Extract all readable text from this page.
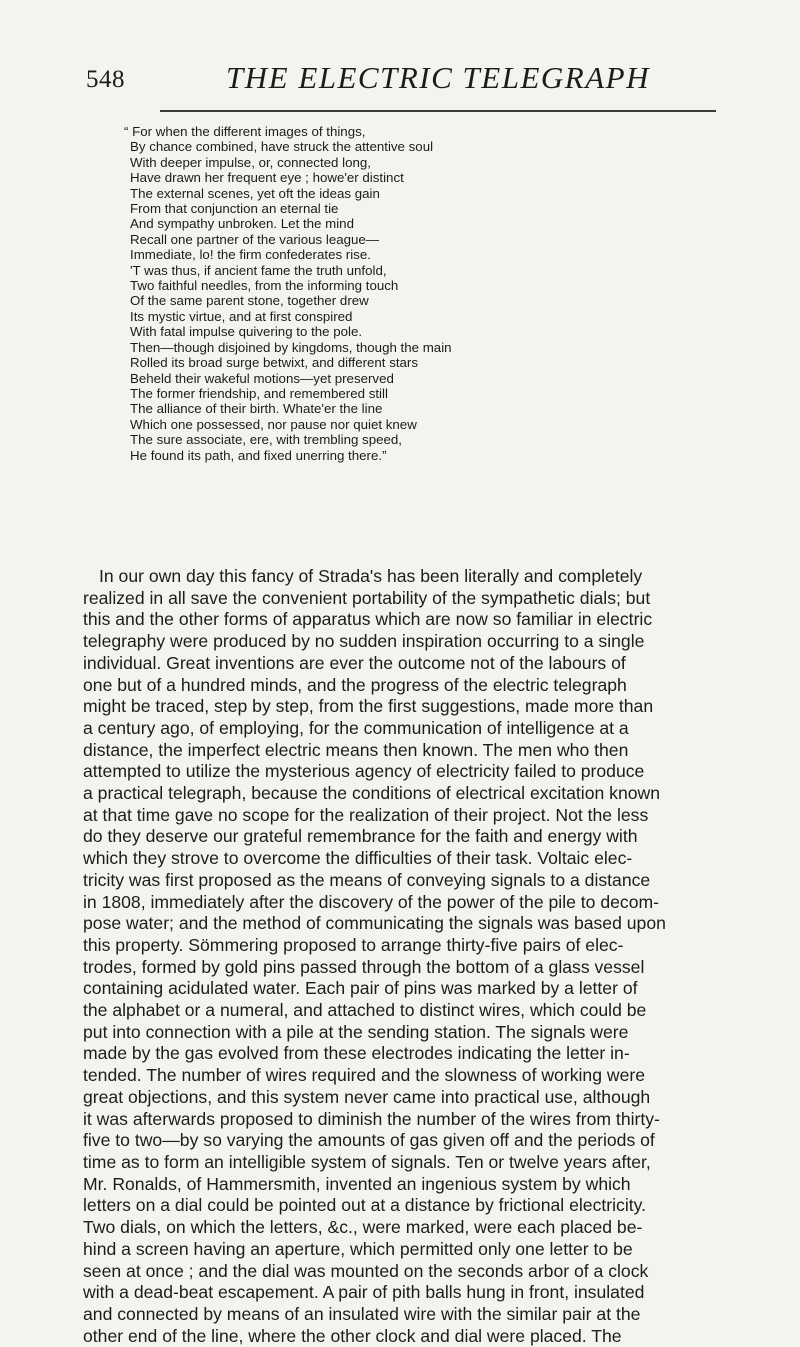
548	THE ELECTRIC TELEGRAPH
“ For when the different images of things,
By chance combined, have struck the attentive soul
With deeper impulse, or, connected long,
Have drawn her frequent eye ; howe'er distinct
The external scenes, yet oft the ideas gain
From that conjunction an eternal tie
And sympathy unbroken. Let the mind
Recall one partner of the various league—
Immediate, lo! the firm confederates rise.
'T was thus, if ancient fame the truth unfold,
Two faithful needles, from the informing touch
Of the same parent stone, together drew
Its mystic virtue, and at first conspired
With fatal impulse quivering to the pole.
Then—though disjoined by kingdoms, though the main
Rolled its broad surge betwixt, and different stars
Beheld their wakeful motions—yet preserved
The former friendship, and remembered still
The alliance of their birth. Whate'er the line
Which one possessed, nor pause nor quiet knew
The sure associate, ere, with trembling speed,
He found its path, and fixed unerring there.”
In our own day this fancy of Strada's has been literally and completely
realized in all save the convenient portability of the sympathetic dials; but
this and the other forms of apparatus which are now so familiar in electric
telegraphy were produced by no sudden inspiration occurring to a single
individual. Great inventions are ever the outcome not of the labours of
one but of a hundred minds, and the progress of the electric telegraph
might be traced, step by step, from the first suggestions, made more than
a century ago, of employing, for the communication of intelligence at a
distance, the imperfect electric means then known. The men who then
attempted to utilize the mysterious agency of electricity failed to produce
a practical telegraph, because the conditions of electrical excitation known
at that time gave no scope for the realization of their project. Not the less
do they deserve our grateful remembrance for the faith and energy with
which they strove to overcome the difficulties of their task. Voltaic elec-
tricity was first proposed as the means of conveying signals to a distance
in 1808, immediately after the discovery of the power of the pile to decom-
pose water; and the method of communicating the signals was based upon
this property. Sömmering proposed to arrange thirty-five pairs of elec-
trodes, formed by gold pins passed through the bottom of a glass vessel
containing acidulated water. Each pair of pins was marked by a letter of
the alphabet or a numeral, and attached to distinct wires, which could be
put into connection with a pile at the sending station. The signals were
made by the gas evolved from these electrodes indicating the letter in-
tended. The number of wires required and the slowness of working were
great objections, and this system never came into practical use, although
it was afterwards proposed to diminish the number of the wires from thirty-
five to two—by so varying the amounts of gas given off and the periods of
time as to form an intelligible system of signals. Ten or twelve years after,
Mr. Ronalds, of Hammersmith, invented an ingenious system by which
letters on a dial could be pointed out at a distance by frictional electricity.
Two dials, on which the letters, &c., were marked, were each placed be-
hind a screen having an aperture, which permitted only one letter to be
seen at once ; and the dial was mounted on the seconds arbor of a clock
with a dead-beat escapement. A pair of pith balls hung in front, insulated
and connected by means of an insulated wire with the similar pair at the
other end of the line, where the other clock and dial were placed. The
